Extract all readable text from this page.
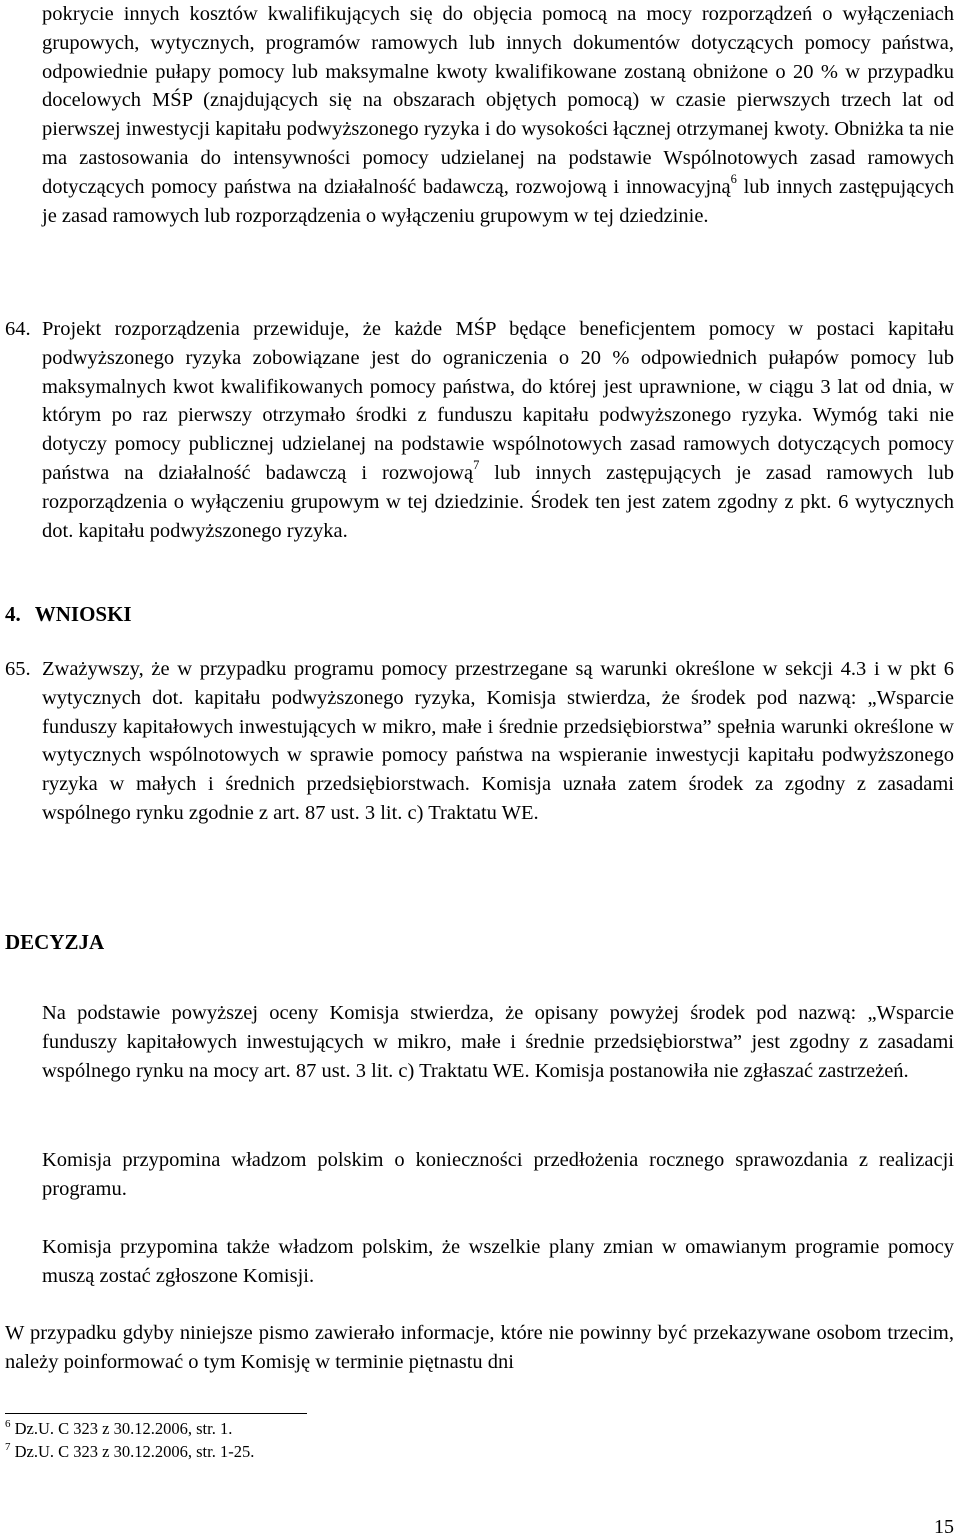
pokrycie innych kosztów kwalifikujących się do objęcia pomocą na mocy rozporządzeń o wyłączeniach grupowych, wytycznych, programów ramowych lub innych dokumentów dotyczących pomocy państwa, odpowiednie pułapy pomocy lub maksymalne kwoty kwalifikowane zostaną obniżone o 20 % w przypadku docelowych MŚP (znajdujących się na obszarach objętych pomocą) w czasie pierwszych trzech lat od pierwszej inwestycji kapitału podwyższonego ryzyka i do wysokości łącznej otrzymanej kwoty. Obniżka ta nie ma zastosowania do intensywności pomocy udzielanej na podstawie Wspólnotowych zasad ramowych dotyczących pomocy państwa na działalność badawczą, rozwojową i innowacyjną$^6$ lub innych zastępujących je zasad ramowych lub rozporządzenia o wyłączeniu grupowym w tej dziedzinie.
64. Projekt rozporządzenia przewiduje, że każde MŚP będące beneficjentem pomocy w postaci kapitału podwyższonego ryzyka zobowiązane jest do ograniczenia o 20 % odpowiednich pułapów pomocy lub maksymalnych kwot kwalifikowanych pomocy państwa, do której jest uprawnione, w ciągu 3 lat od dnia, w którym po raz pierwszy otrzymało środki z funduszu kapitału podwyższonego ryzyka. Wymóg taki nie dotyczy pomocy publicznej udzielanej na podstawie wspólnotowych zasad ramowych dotyczących pomocy państwa na działalność badawczą i rozwojową$^7$ lub innych zastępujących je zasad ramowych lub rozporządzenia o wyłączeniu grupowym w tej dziedzinie. Środek ten jest zatem zgodny z pkt. 6 wytycznych dot. kapitału podwyższonego ryzyka.
4. WNIOSKI
65. Zważywszy, że w przypadku programu pomocy przestrzegane są warunki określone w sekcji 4.3 i w pkt 6 wytycznych dot. kapitału podwyższonego ryzyka, Komisja stwierdza, że środek pod nazwą: „Wsparcie funduszy kapitałowych inwestujących w mikro, małe i średnie przedsiębiorstwa” spełnia warunki określone w wytycznych wspólnotowych w sprawie pomocy państwa na wspieranie inwestycji kapitału podwyższonego ryzyka w małych i średnich przedsiębiorstwach. Komisja uznała zatem środek za zgodny z zasadami wspólnego rynku zgodnie z art. 87 ust. 3 lit. c) Traktatu WE.
DECYZJA
Na podstawie powyższej oceny Komisja stwierdza, że opisany powyżej środek pod nazwą: „Wsparcie funduszy kapitałowych inwestujących w mikro, małe i średnie przedsiębiorstwa” jest zgodny z zasadami wspólnego rynku na mocy art. 87 ust. 3 lit. c) Traktatu WE. Komisja postanowiła nie zgłaszać zastrzeżeń.
Komisja przypomina władzom polskim o konieczności przedłożenia rocznego sprawozdania z realizacji programu.
Komisja przypomina także władzom polskim, że wszelkie plany zmian w omawianym programie pomocy muszą zostać zgłoszone Komisji.
W przypadku gdyby niniejsze pismo zawierało informacje, które nie powinny być przekazywane osobom trzecim, należy poinformować o tym Komisję w terminie piętnastu dni
$^6$ Dz.U. C 323 z 30.12.2006, str. 1.
$^7$ Dz.U. C 323 z 30.12.2006, str. 1-25.
15
